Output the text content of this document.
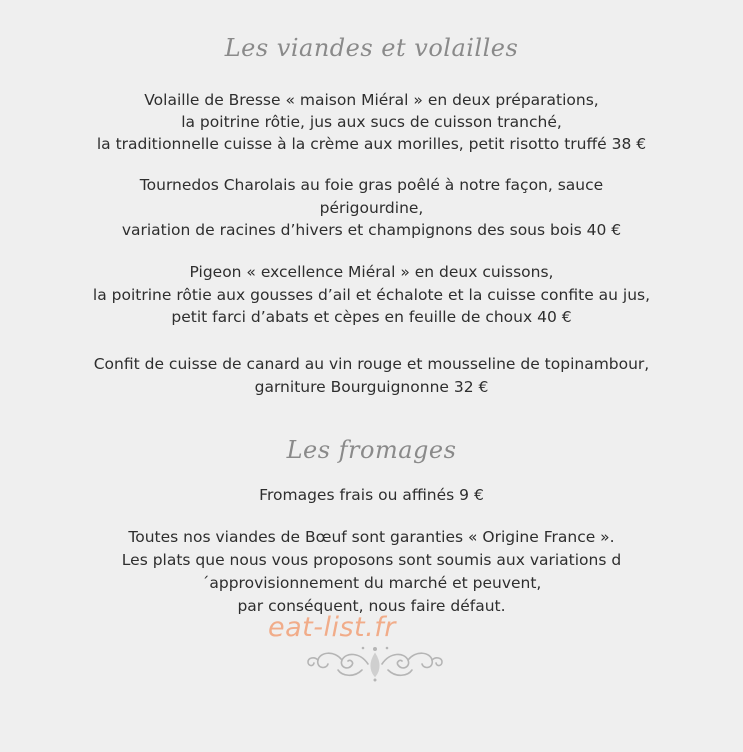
Les viandes et volailles
Volaille de Bresse « maison Miéral » en deux préparations,
la poitrine rôtie, jus aux sucs de cuisson tranché,
la traditionnelle cuisse à la crème aux morilles, petit risotto truffé 38 €
Tournedos Charolais au foie gras poêlé à notre façon, sauce
périgourdine,
variation de racines d’hivers et champignons des sous bois 40 €
Pigeon « excellence Miéral » en deux cuissons,
la poitrine rôtie aux gousses d’ail et échalote et la cuisse confite au jus,
petit farci d’abats et cèpes en feuille de choux 40 €
Confit de cuisse de canard au vin rouge et mousseline de topinambour,
garniture Bourguignonne 32 €
Les fromages
Fromages frais ou affinés 9 €
Toutes nos viandes de Bœuf sont garanties « Origine France ».
Les plats que nous vous proposons sont soumis aux variations d
´approvisionnement du marché et peuvent,
par conséquent, nous faire défaut.
eat-list.fr
